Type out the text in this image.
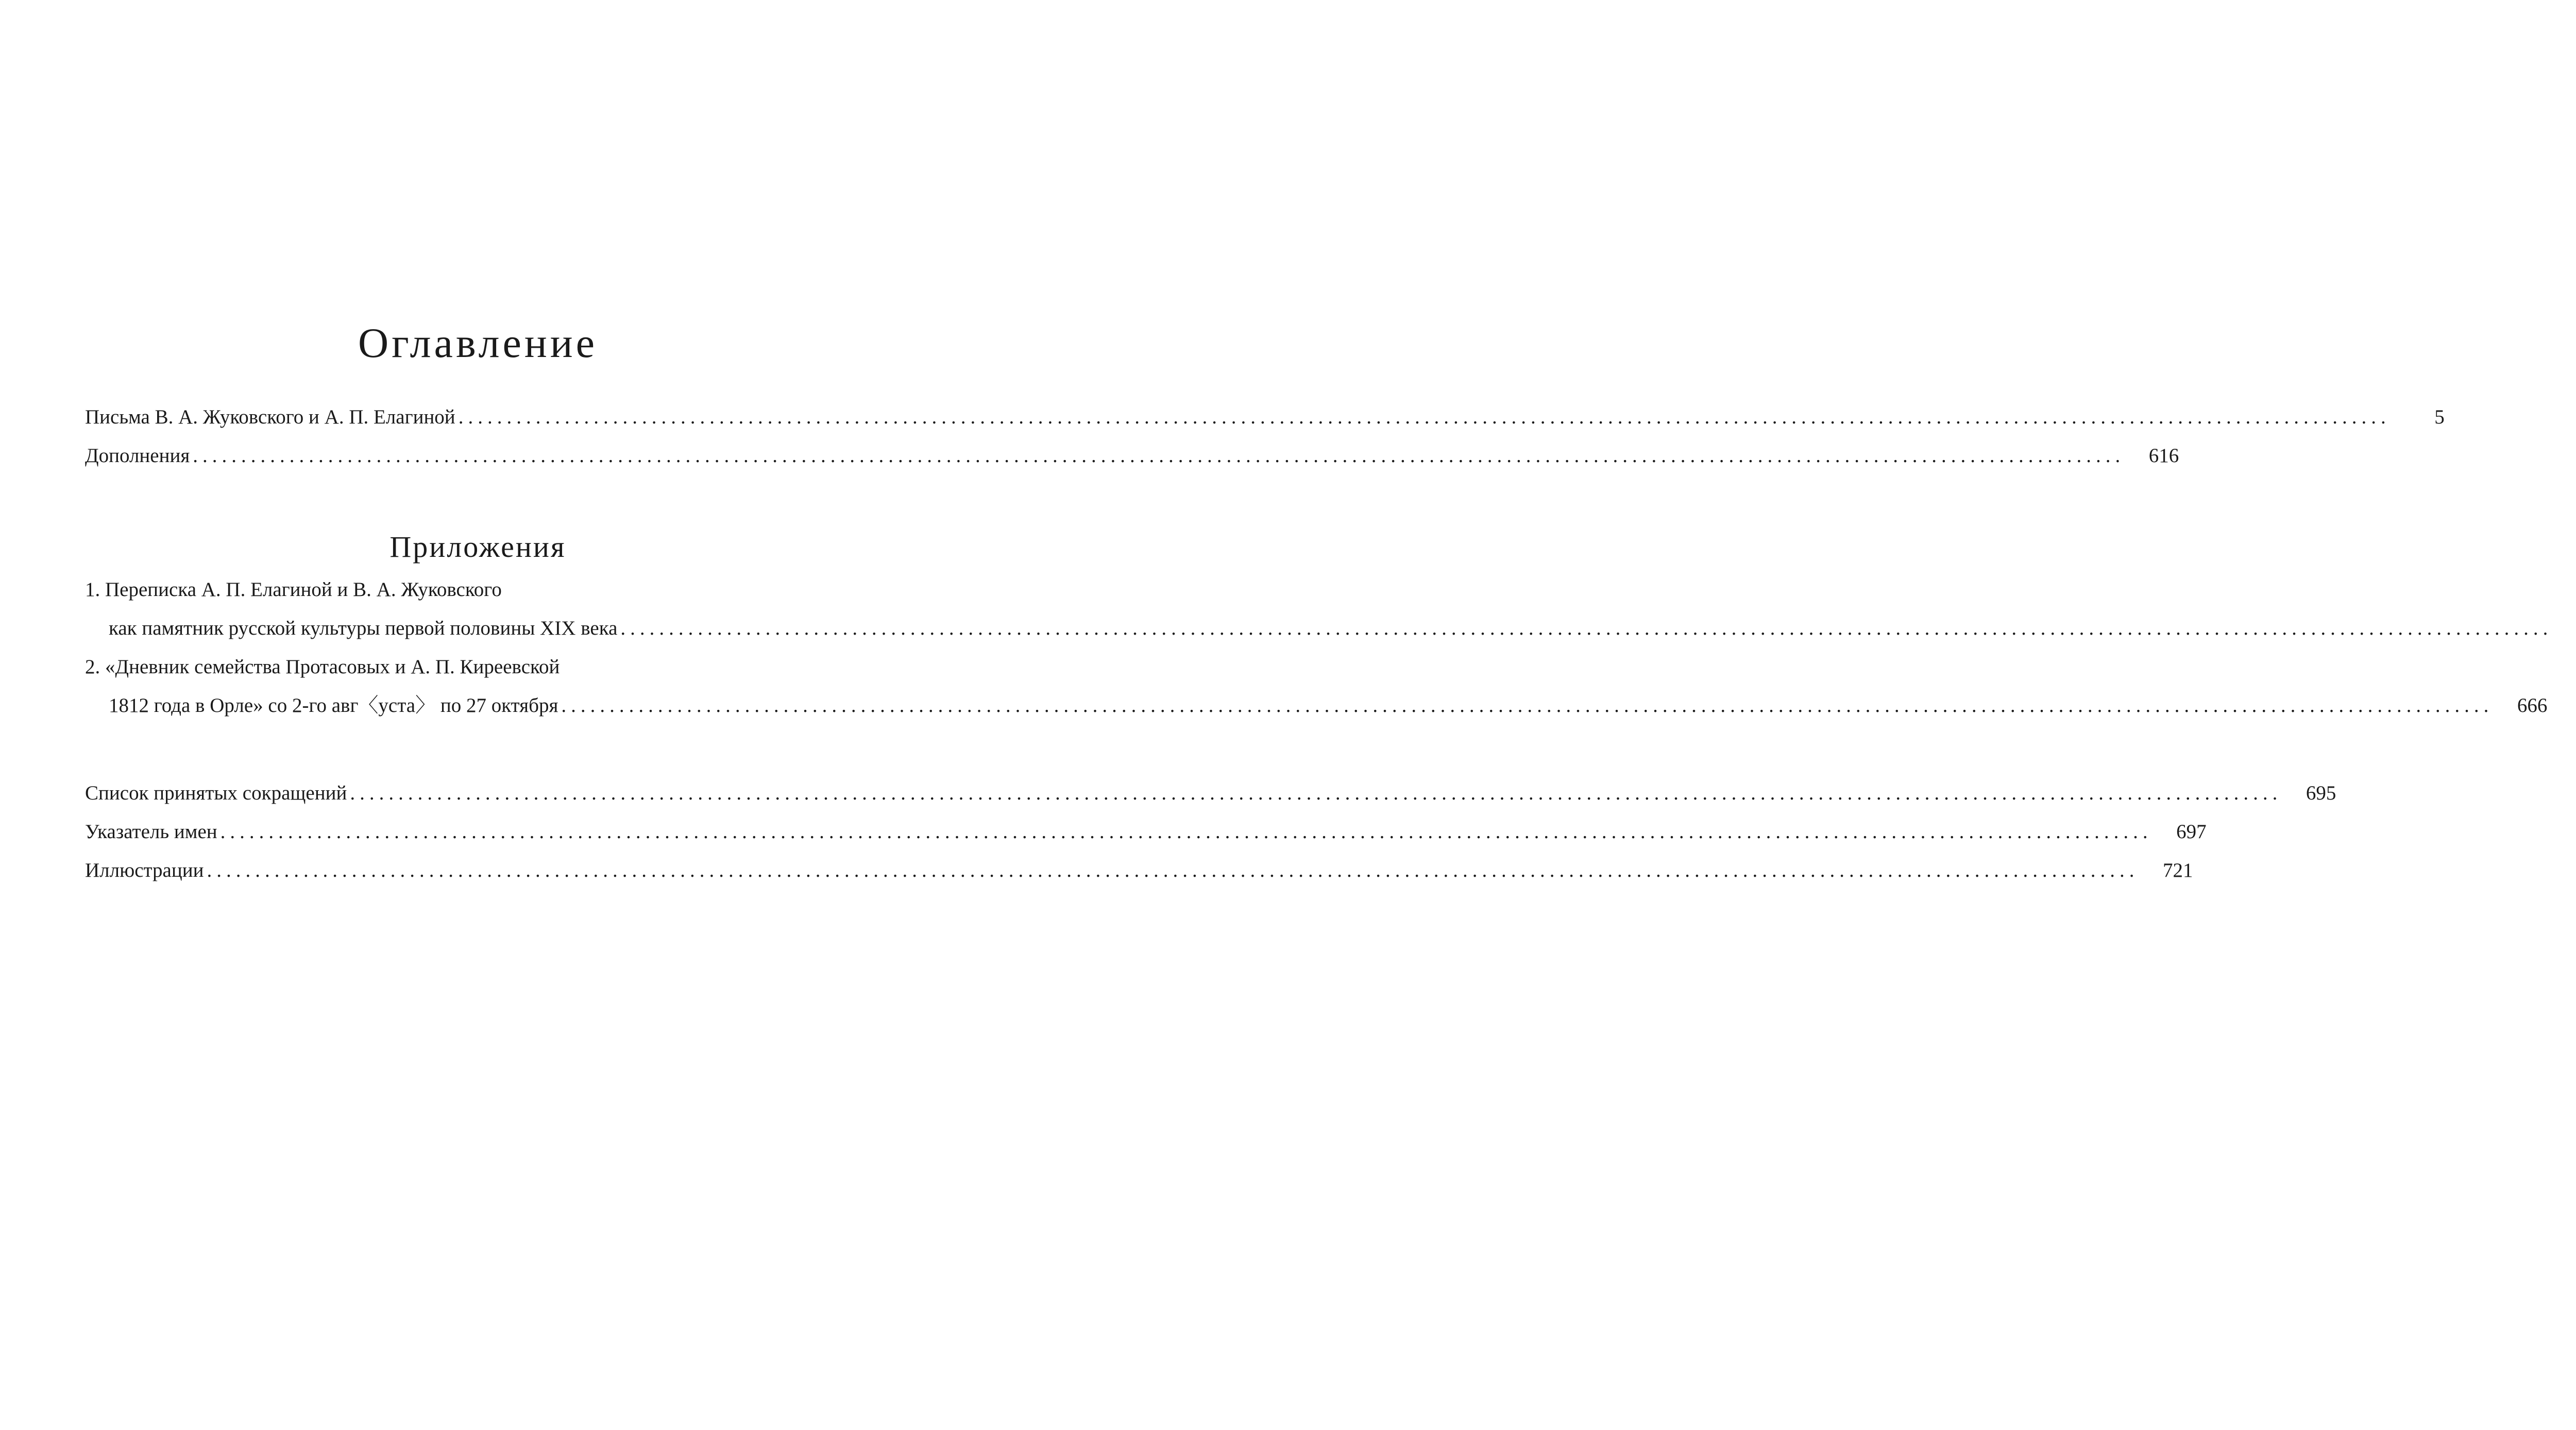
Оглавление
Письма В. А. Жуковского и А. П. Елагиной ........................................................................................................................................................................................................	5
Дополнения ........................................................................................................................................................................................................	616
Приложения
1. Переписка А. П. Елагиной и В. А. Жуковского
как памятник русской культуры первой половины XIX века ........................................................................................................................................................................................................
2. «Дневник семейства Протасовых и А. П. Киреевской
1812 года в Орле» со 2-го авг〈уста〉 по 27 октября ........................................................................................................................................................................................................	666
Список принятых сокращений ........................................................................................................................................................................................................	695
Указатель имен ........................................................................................................................................................................................................	697
Иллюстрации ........................................................................................................................................................................................................	721
